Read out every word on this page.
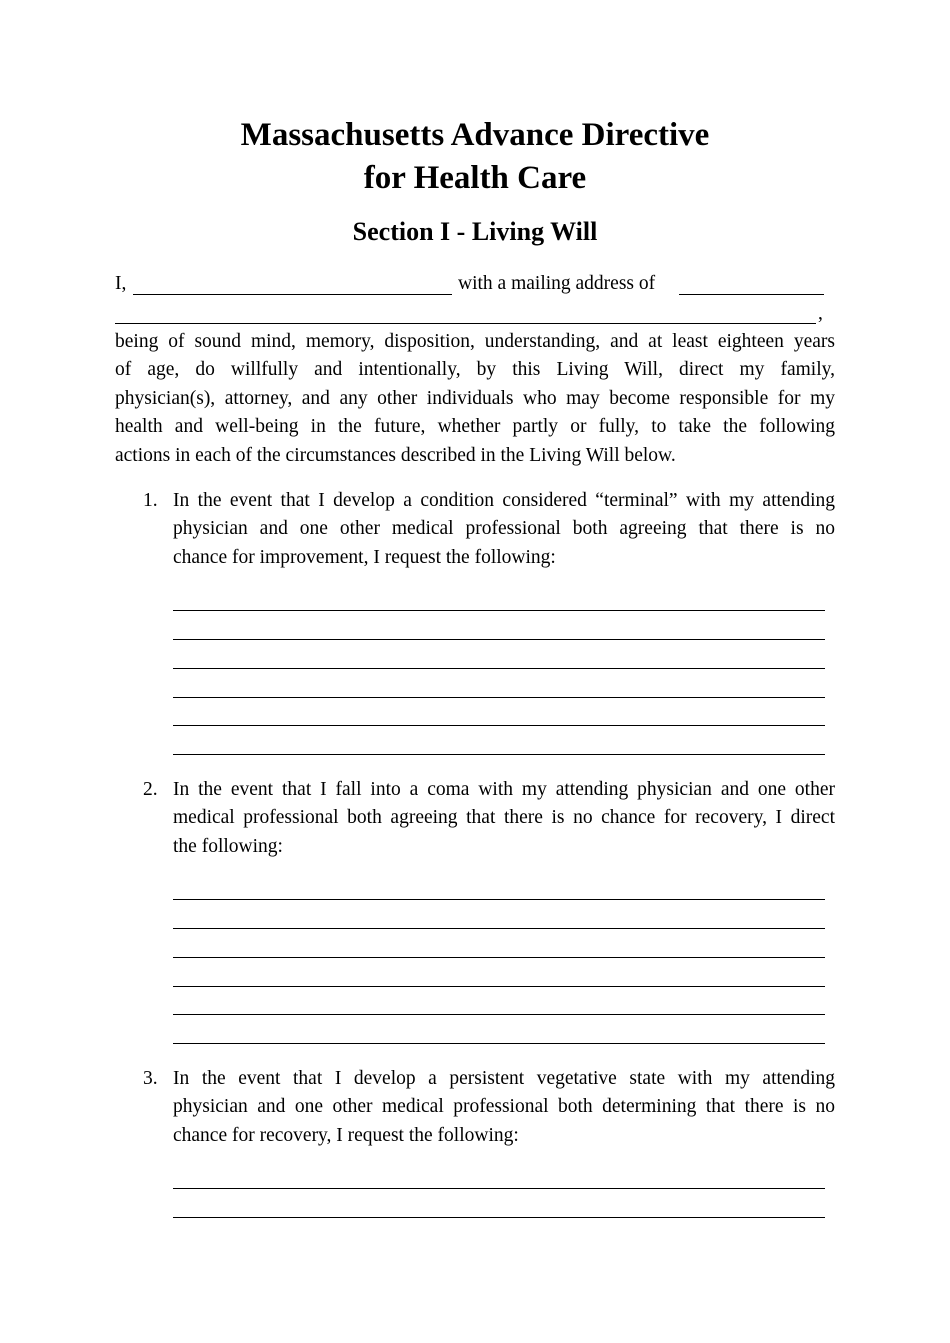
Massachusetts Advance Directive
for Health Care
Section I - Living Will
I,	with a mailing address of
,
being of sound mind, memory, disposition, understanding, and at least eighteen years
of age, do willfully and intentionally, by this Living Will, direct my family,
physician(s), attorney, and any other individuals who may become responsible for my
health and well-being in the future, whether partly or fully, to take the following
actions in each of the circumstances described in the Living Will below.
1. In the event that I develop a condition considered “terminal” with my attending
physician and one other medical professional both agreeing that there is no
chance for improvement, I request the following:
2. In the event that I fall into a coma with my attending physician and one other
medical professional both agreeing that there is no chance for recovery, I direct
the following:
3. In the event that I develop a persistent vegetative state with my attending
physician and one other medical professional both determining that there is no
chance for recovery, I request the following:
